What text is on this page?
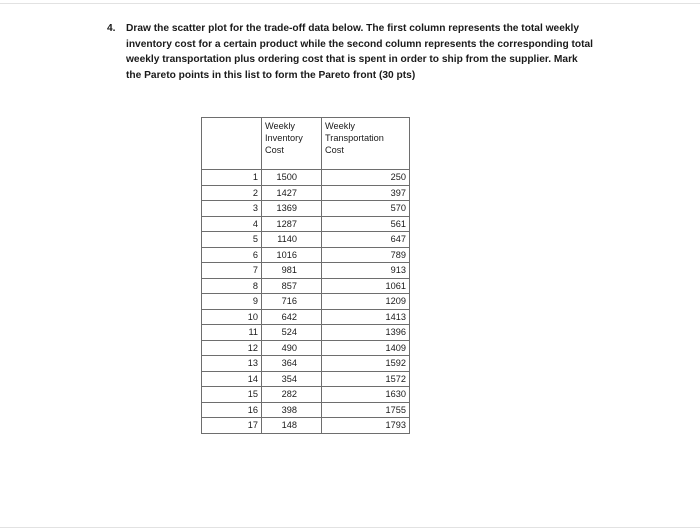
4. Draw the scatter plot for the trade-off data below. The first column represents the total weekly
inventory cost for a certain product while the second column represents the corresponding total
weekly transportation plus ordering cost that is spent in order to ship from the supplier. Mark
the Pareto points in this list to form the Pareto front (30 pts)

	Weekly
Inventory
Cost	Weekly
Transportation
Cost

1	1500	250
2	1427	397
3	1369	570
4	1287	561
5	1140	647
6	1016	789
7	981	913
8	857	1061
9	716	1209
10	642	1413
11	524	1396
12	490	1409
13	364	1592
14	354	1572
15	282	1630
16	398	1755
17	148	1793
